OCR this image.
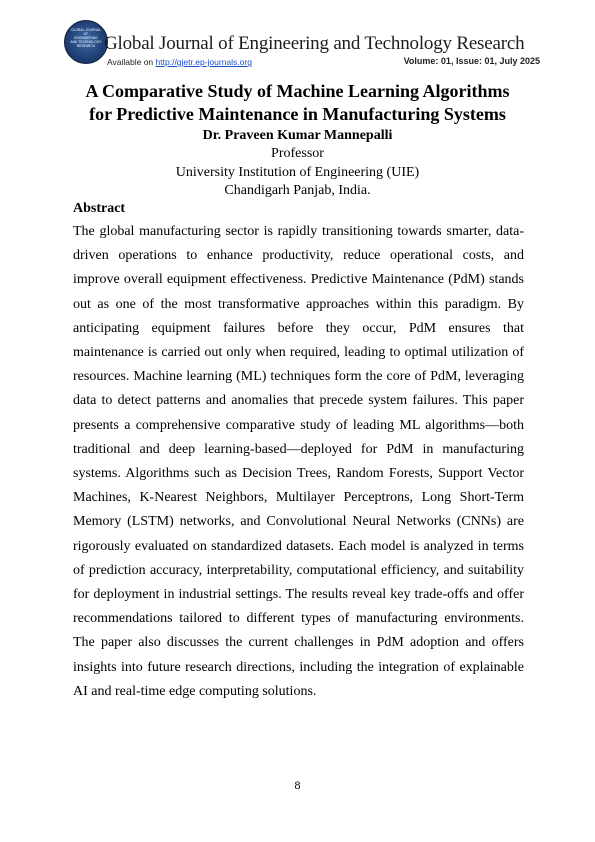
GLOBAL JOURNAL
OF
ENGINEERING
AND TECHNOLOGY
RESEARCH Global Journal of Engineering and Technology Research
Available on http://gjetr.ep-journals.org	Volume: 01, Issue: 01, July 2025
A Comparative Study of Machine Learning Algorithms
for Predictive Maintenance in Manufacturing Systems
Dr. Praveen Kumar Mannepalli
Professor
University Institution of Engineering (UIE)
Chandigarh Panjab, India.
Abstract

The global manufacturing sector is rapidly transitioning towards smarter, data-driven operations to enhance productivity, reduce operational costs, and improve overall equipment effectiveness. Predictive Maintenance (PdM) stands out as one of the most transformative approaches within this paradigm. By anticipating equipment failures before they occur, PdM ensures that maintenance is carried out only when required, leading to optimal utilization of resources. Machine learning (ML) techniques form the core of PdM, leveraging data to detect patterns and anomalies that precede system failures. This paper presents a comprehensive comparative study of leading ML algorithms—both traditional and deep learning-based—deployed for PdM in manufacturing systems. Algorithms such as Decision Trees, Random Forests, Support Vector Machines, K-Nearest Neighbors, Multilayer Perceptrons, Long Short-Term Memory (LSTM) networks, and Convolutional Neural Networks (CNNs) are rigorously evaluated on standardized datasets. Each model is analyzed in terms of prediction accuracy, interpretability, computational efficiency, and suitability for deployment in industrial settings. The results reveal key trade-offs and offer recommendations tailored to different types of manufacturing environments. The paper also discusses the current challenges in PdM adoption and offers insights into future research directions, including the integration of explainable AI and real-time edge computing solutions.

8
